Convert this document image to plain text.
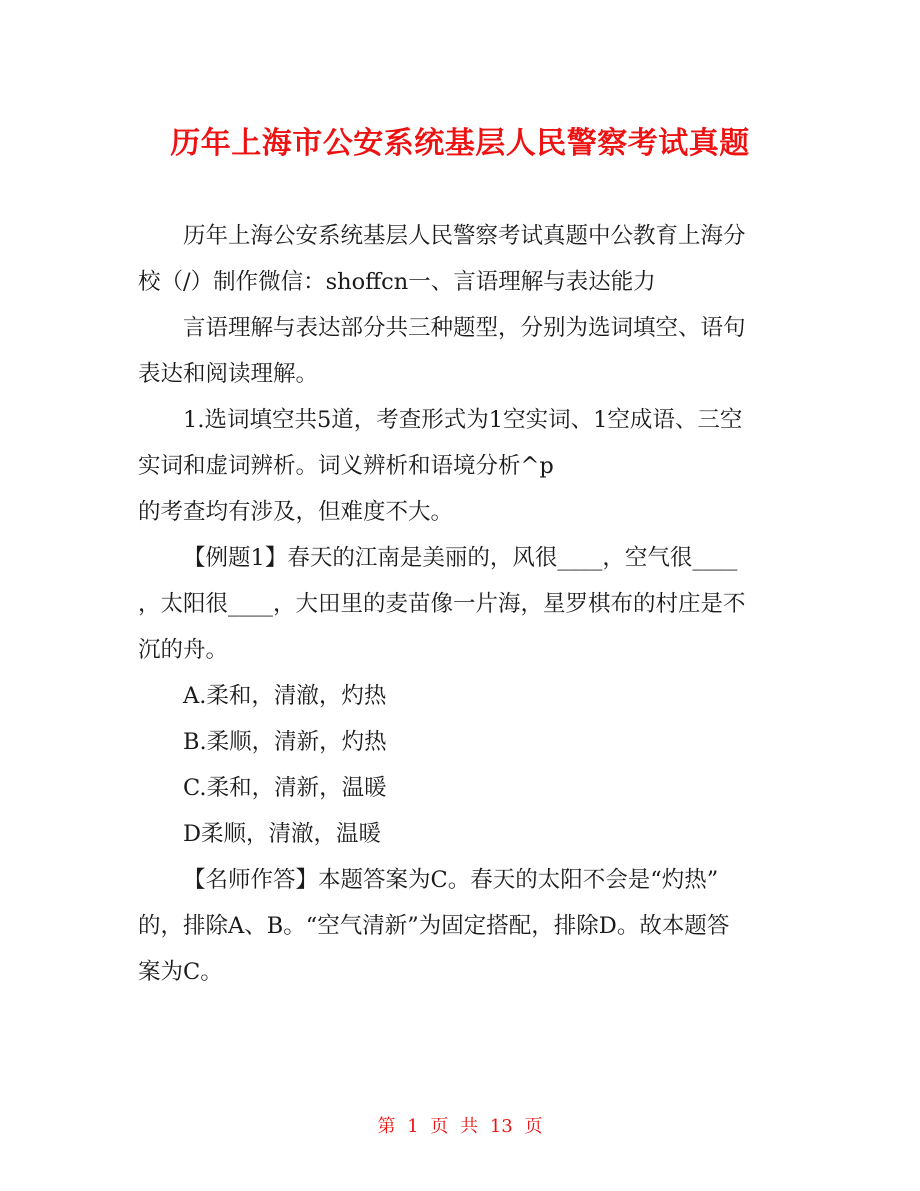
历年上海市公安系统基层人民警察考试真题

历年上海公安系统基层人民警察考试真题中公教育上海分

校（/）制作微信：shoffcn一、言语理解与表达能力

言语理解与表达部分共三种题型，分别为选词填空、语句

表达和阅读理解。

1.选词填空共5道，考查形式为1空实词、1空成语、三空

实词和虚词辨析。词义辨析和语境分析^p

的考查均有涉及，但难度不大。

【例题1】春天的江南是美丽的，风很____，空气很____

，太阳很____，大田里的麦苗像一片海，星罗棋布的村庄是不

沉的舟。

A.柔和，清澈，灼热

B.柔顺，清新，灼热

C.柔和，清新，温暖

D柔顺，清澈，温暖

【名师作答】本题答案为C。春天的太阳不会是“灼热”

的，排除A、B。“空气清新”为固定搭配，排除D。故本题答

案为C。

第 1 页 共 13 页
